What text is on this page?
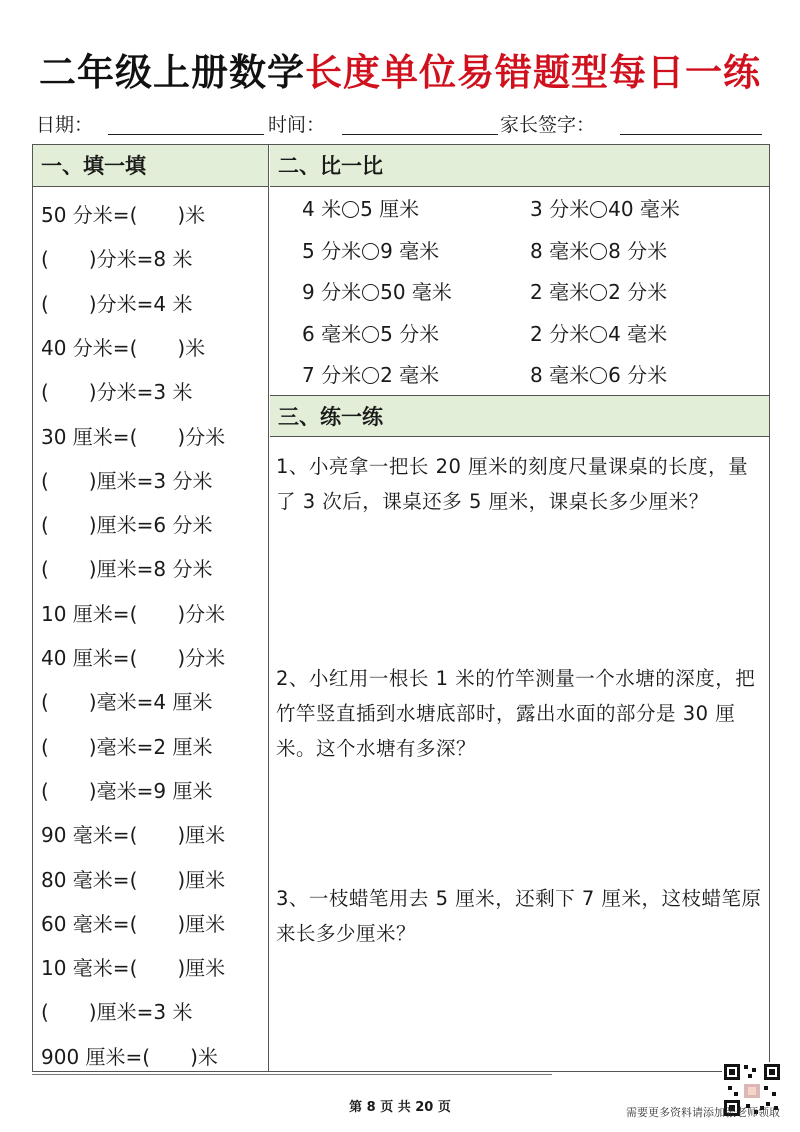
二年级上册数学长度单位易错题型每日一练
日期：	时间：	家长签字：
一、填一填
50 分米=(　　)米
(　　)分米=8 米
(　　)分米=4 米
40 分米=(　　)米
(　　)分米=3 米
30 厘米=(　　)分米
(　　)厘米=3 分米
(　　)厘米=6 分米
(　　)厘米=8 分米
10 厘米=(　　)分米
40 厘米=(　　)分米
(　　)毫米=4 厘米
(　　)毫米=2 厘米
(　　)毫米=9 厘米
90 毫米=(　　)厘米
80 毫米=(　　)厘米
60 毫米=(　　)厘米
10 毫米=(　　)厘米
(　　)厘米=3 米
900 厘米=(　　)米
二、比一比
4 米 5 厘米	3 分米 40 毫米
5 分米 9 毫米	8 毫米 8 分米
9 分米 50 毫米	2 毫米 2 分米
6 毫米 5 分米	2 分米 4 毫米
7 分米 2 毫米	8 毫米 6 分米
三、练一练
1、小亮拿一把长 20 厘米的刻度尺量课桌的长度，量了 3 次后，课桌还多 5 厘米，课桌长多少厘米？
2、小红用一根长 1 米的竹竿测量一个水塘的深度，把竹竿竖直插到水塘底部时，露出水面的部分是 30 厘米。这个水塘有多深？
3、一枝蜡笔用去 5 厘米，还剩下 7 厘米，这枝蜡笔原来长多少厘米？
第 8 页 共 20 页	需要更多资料请添加张老师领取
